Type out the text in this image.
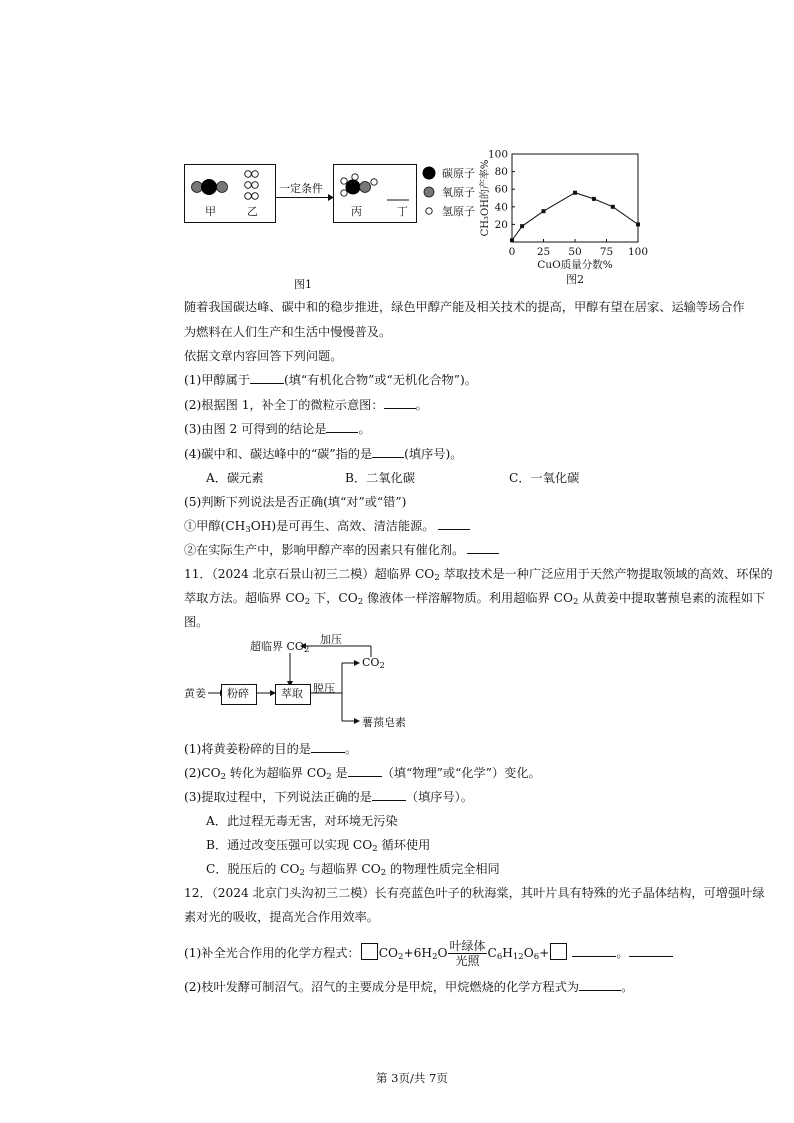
甲	乙
一定条件
丙	丁
碳原子
氧原子
氢原子
图1
20
40
60
80
100
0 25 50 75 100
CuO质量分数%
CH₃OH的产率%
图2
随着我国碳达峰、碳中和的稳步推进，绿色甲醇产能及相关技术的提高，甲醇有望在居家、运输等场合作
为燃料在人们生产和生活中慢慢普及。
依据文章内容回答下列问题。
(1)甲醇属于	(填“有机化合物”或“无机化合物”)。
(2)根据图 1，补全丁的微粒示意图：	。
(3)由图 2 可得到的结论是	。
(4)碳中和、碳达峰中的“碳”指的是	(填序号)。
A．碳元素	B．二氧化碳	C．一氧化碳
(5)判断下列说法是否正确(填“对”或“错”)
①甲醇$(CH_3OH)$是可再生、高效、清洁能源。
②在实际生产中，影响甲醇产率的因素只有催化剂。
11．（2024 北京石景山初三二模）超临界 $CO_2$ 萃取技术是一种广泛应用于天然产物提取领域的高效、环保的
萃取方法。超临界 $CO_2$ 下，$CO_2$ 像液体一样溶解物质。利用超临界 $CO_2$ 从黄姜中提取薯蓣皂素的流程如下
图。
超临界 $CO_2$
加压
$CO_2$
黄姜 粉碎	萃取 脱压
薯蓣皂素
(1)将黄姜粉碎的目的是	。
$(2)CO_2$ 转化为超临界 $CO_2$ 是	（填“物理”或“化学”）变化。
(3)提取过程中，下列说法正确的是	（填序号）。
A．此过程无毒无害，对环境无污染
B．通过改变压强可以实现 $CO_2$ 循环使用
C．脱压后的 $CO_2$ 与超临界 $CO_2$ 的物理性质完全相同
12．（2024 北京门头沟初三二模）长有亮蓝色叶子的秋海棠，其叶片具有特殊的光子晶体结构，可增强叶绿
素对光的吸收，提高光合作用效率。
(1)补全光合作用的化学方程式： $CO_2+6H_2O \frac{\text{叶绿体}}{\text{光照}} C_6H_{12}O_6+$	。
(2)枝叶发酵可制沼气。沼气的主要成分是甲烷，甲烷燃烧的化学方程式为	。
第 3页/共 7页
